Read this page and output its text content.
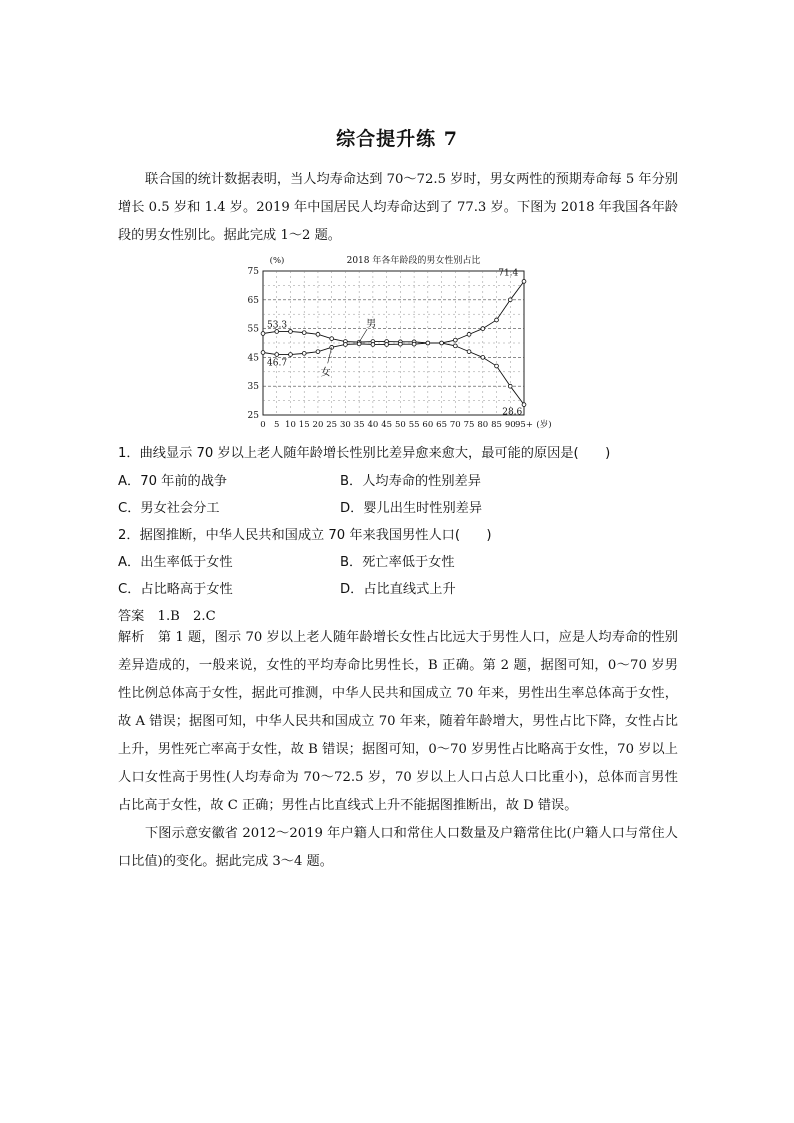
综合提升练 7
联合国的统计数据表明，当人均寿命达到 70～72.5 岁时，男女两性的预期寿命每 5 年分别增长 0.5 岁和 1.4 岁。2019 年中国居民人均寿命达到了 77.3 岁。下图为 2018 年我国各年龄段的男女性别比。据此完成 1～2 题。
25
35
45
55
65
75
0 5 10 15 20 25 30 35 40 45 50 55 60 65 70 75 80 85 90 95+
2018 年各年龄段的男女性别占比
(%)
(岁)
男
女
53.3
46.7
71.4
28.6
1．曲线显示 70 岁以上老人随年龄增长性别比差异愈来愈大，最可能的原因是(　　)
A．70 年前的战争	B．人均寿命的性别差异
C．男女社会分工	D．婴儿出生时性别差异
2．据图推断，中华人民共和国成立 70 年来我国男性人口(　　)
A．出生率低于女性	B．死亡率低于女性
C．占比略高于女性	D．占比直线式上升
答案　1.B　2.C
解析　第 1 题，图示 70 岁以上老人随年龄增长女性占比远大于男性人口，应是人均寿命的性别差异造成的，一般来说，女性的平均寿命比男性长，B 正确。第 2 题，据图可知，0～70 岁男性比例总体高于女性，据此可推测，中华人民共和国成立 70 年来，男性出生率总体高于女性，故 A 错误；据图可知，中华人民共和国成立 70 年来，随着年龄增大，男性占比下降，女性占比上升，男性死亡率高于女性，故 B 错误；据图可知，0～70 岁男性占比略高于女性，70 岁以上人口女性高于男性(人均寿命为 70～72.5 岁，70 岁以上人口占总人口比重小)，总体而言男性占比高于女性，故 C 正确；男性占比直线式上升不能据图推断出，故 D 错误。
下图示意安徽省 2012～2019 年户籍人口和常住人口数量及户籍常住比(户籍人口与常住人口比值)的变化。据此完成 3～4 题。
